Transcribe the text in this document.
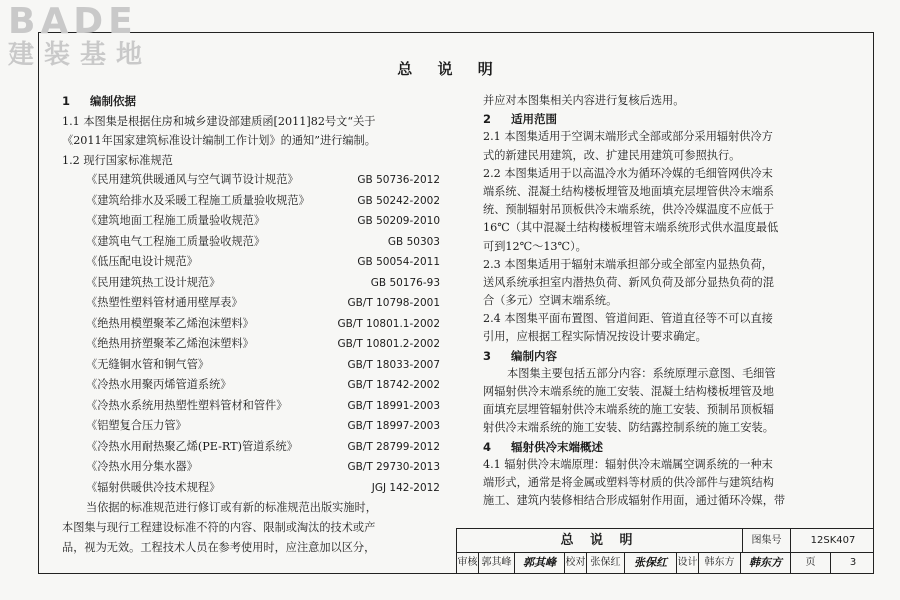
BADE
建装基地	总 说 明
1 编制依据
1.1 本图集是根据住房和城乡建设部建质函[2011]82号文“关于
《2011年国家建筑标准设计编制工作计划》的通知”进行编制。
1.2 现行国家标准规范
《民用建筑供暖通风与空气调节设计规范》	GB 50736-2012
《建筑给排水及采暖工程施工质量验收规范》	GB 50242-2002
《建筑地面工程施工质量验收规范》	GB 50209-2010
《建筑电气工程施工质量验收规范》	GB 50303
《低压配电设计规范》	GB 50054-2011
《民用建筑热工设计规范》	GB 50176-93
《热塑性塑料管材通用壁厚表》	GB/T 10798-2001
《绝热用模塑聚苯乙烯泡沫塑料》	GB/T 10801.1-2002
《绝热用挤塑聚苯乙烯泡沫塑料》	GB/T 10801.2-2002
《无缝铜水管和铜气管》	GB/T 18033-2007
《冷热水用聚丙烯管道系统》	GB/T 18742-2002
《冷热水系统用热塑性塑料管材和管件》	GB/T 18991-2003
《铝塑复合压力管》	GB/T 18997-2003
《冷热水用耐热聚乙烯(PE-RT)管道系统》	GB/T 28799-2012
《冷热水用分集水器》	GB/T 29730-2013
《辐射供暖供冷技术规程》	JGJ 142-2012
当依据的标准规范进行修订或有新的标准规范出版实施时，
本图集与现行工程建设标准不符的内容、限制或淘汰的技术或产
品，视为无效。工程技术人员在参考使用时，应注意加以区分，
并应对本图集相关内容进行复核后选用。
2 适用范围
2.1 本图集适用于空调末端形式全部或部分采用辐射供冷方
式的新建民用建筑，改、扩建民用建筑可参照执行。
2.2 本图集适用于以高温冷水为循环冷媒的毛细管网供冷末
端系统、混凝土结构楼板埋管及地面填充层埋管供冷末端系
统、预制辐射吊顶板供冷末端系统，供冷冷媒温度不应低于
16℃（其中混凝土结构楼板埋管末端系统形式供水温度最低
可到12℃～13℃）。
2.3 本图集适用于辐射末端承担部分或全部室内显热负荷，
送风系统承担室内潜热负荷、新风负荷及部分显热负荷的混
合（多元）空调末端系统。
2.4 本图集平面布置图、管道间距、管道直径等不可以直接
引用，应根据工程实际情况按设计要求确定。
3 编制内容
本图集主要包括五部分内容：系统原理示意图、毛细管
网辐射供冷末端系统的施工安装、混凝土结构楼板埋管及地
面填充层埋管辐射供冷末端系统的施工安装、预制吊顶板辐
射供冷末端系统的施工安装、防结露控制系统的施工安装。
4 辐射供冷末端概述
4.1 辐射供冷末端原理：辐射供冷末端属空调系统的一种末
端形式，通常是将金属或塑料等材质的供冷部件与建筑结构
施工、建筑内装修相结合形成辐射作用面，通过循环冷媒，带
总 说 明	图集号	12SK407
审核 郭其峰	郭其峰 校对 张保红	张保红	设计 韩东方	韩东方	页	3
